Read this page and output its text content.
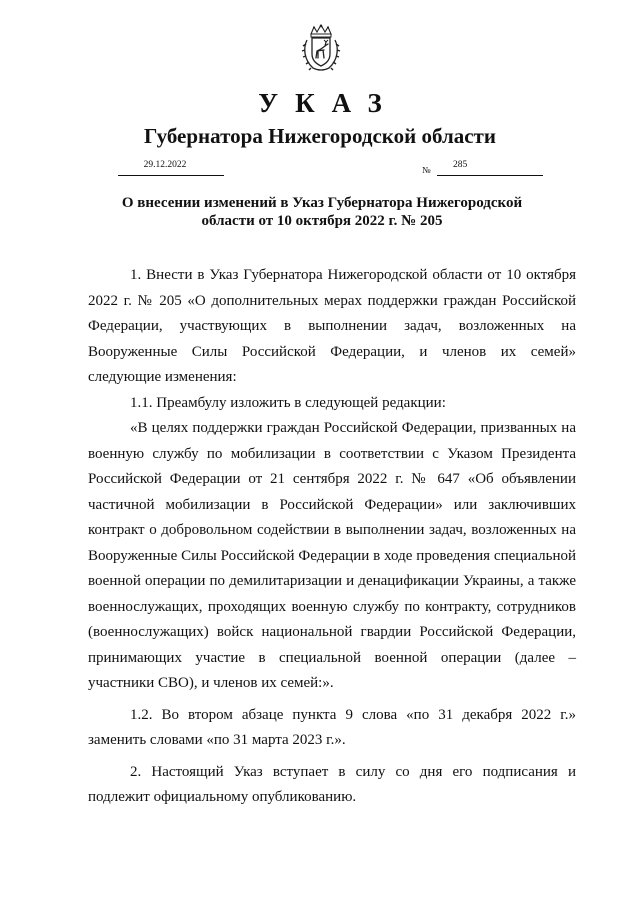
УКАЗ
Губернатора Нижегородской области
29.12.2022	№ 285
О внесении изменений в Указ Губернатора Нижегородской
области от 10 октября 2022 г. № 205

1. Внести в Указ Губернатора Нижегородской области от 10 октября 2022 г. № 205 «О дополнительных мерах поддержки граждан Российской Федерации, участвующих в выполнении задач, возложенных на Вооруженные Силы Российской Федерации, и членов их семей» следующие изменения:

1.1. Преамбулу изложить в следующей редакции:

«В целях поддержки граждан Российской Федерации, призванных на военную службу по мобилизации в соответствии с Указом Президента Российской Федерации от 21 сентября 2022 г. № 647 «Об объявлении частичной мобилизации в Российской Федерации» или заключивших контракт о добровольном содействии в выполнении задач, возложенных на Вооруженные Силы Российской Федерации в ходе проведения специальной военной операции по демилитаризации и денацификации Украины, а также военнослужащих, проходящих военную службу по контракту, сотрудников (военнослужащих) войск национальной гвардии Российской Федерации, принимающих участие в специальной военной операции (далее – участники СВО), и членов их семей:».

1.2. Во втором абзаце пункта 9 слова «по 31 декабря 2022 г.» заменить словами «по 31 марта 2023 г.».

2. Настоящий Указ вступает в силу со дня его подписания и подлежит официальному опубликованию.
